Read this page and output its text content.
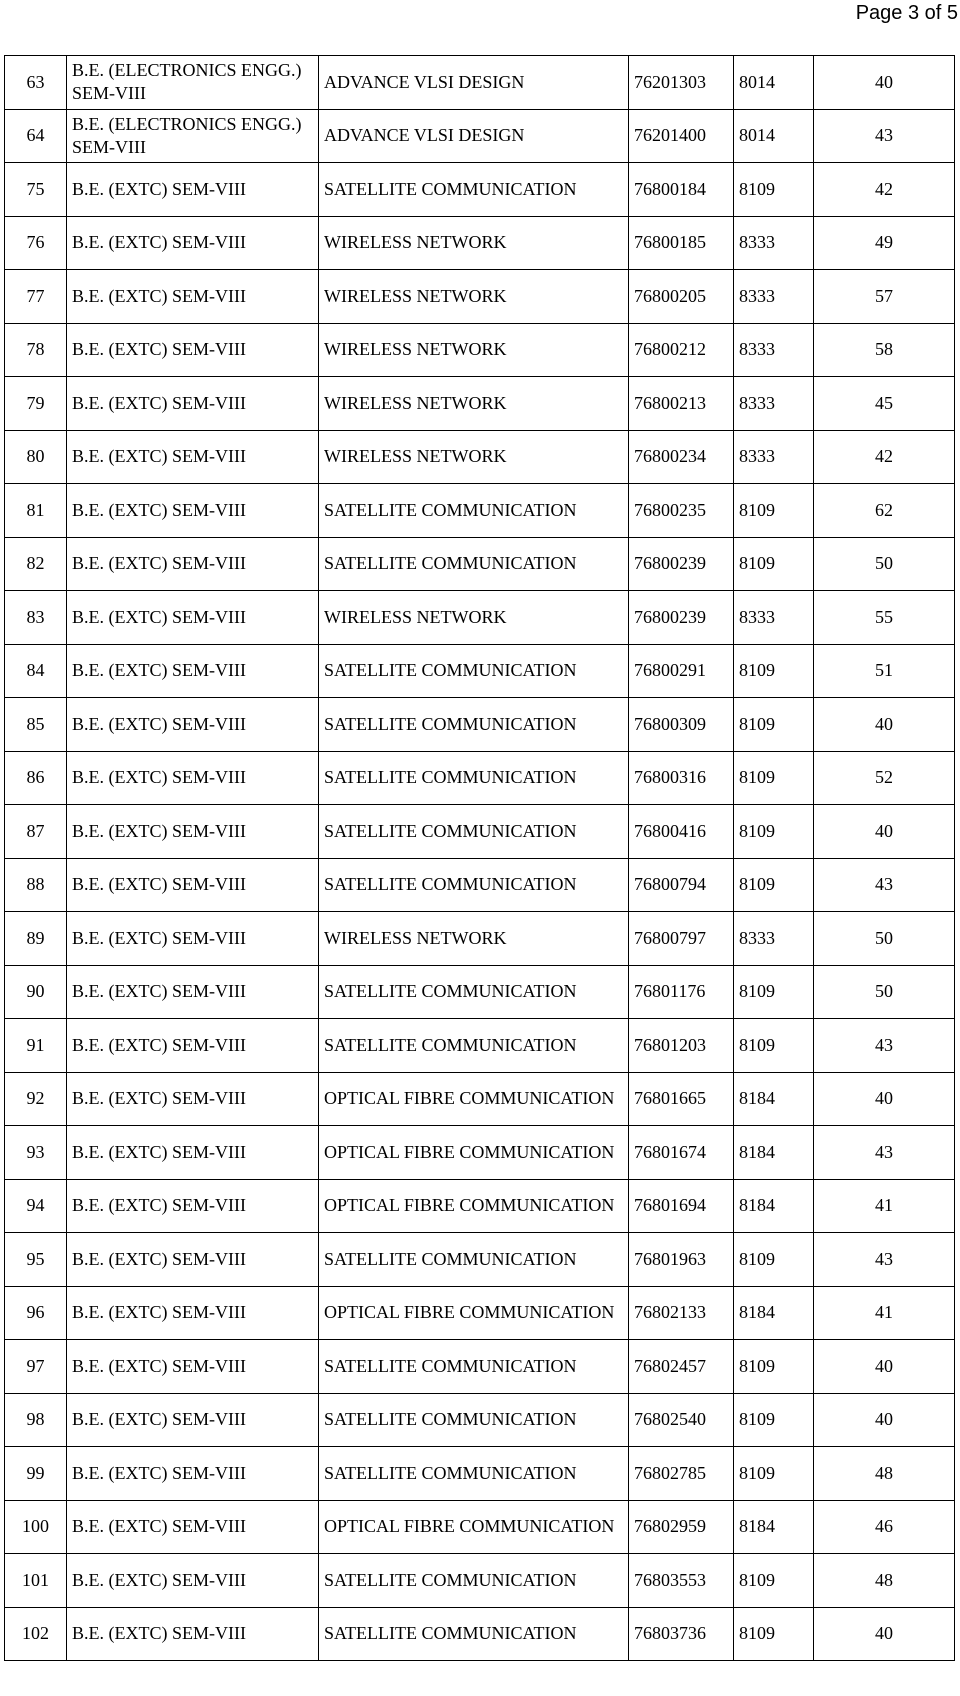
Page 3 of 5
63	B.E. (ELECTRONICS ENGG.) SEM-VIII	ADVANCE VLSI DESIGN	76201303	8014	40
64	B.E. (ELECTRONICS ENGG.) SEM-VIII	ADVANCE VLSI DESIGN	76201400	8014	43
75	B.E. (EXTC) SEM-VIII	SATELLITE COMMUNICATION	76800184	8109	42
76	B.E. (EXTC) SEM-VIII	WIRELESS NETWORK	76800185	8333	49
77	B.E. (EXTC) SEM-VIII	WIRELESS NETWORK	76800205	8333	57
78	B.E. (EXTC) SEM-VIII	WIRELESS NETWORK	76800212	8333	58
79	B.E. (EXTC) SEM-VIII	WIRELESS NETWORK	76800213	8333	45
80	B.E. (EXTC) SEM-VIII	WIRELESS NETWORK	76800234	8333	42
81	B.E. (EXTC) SEM-VIII	SATELLITE COMMUNICATION	76800235	8109	62
82	B.E. (EXTC) SEM-VIII	SATELLITE COMMUNICATION	76800239	8109	50
83	B.E. (EXTC) SEM-VIII	WIRELESS NETWORK	76800239	8333	55
84	B.E. (EXTC) SEM-VIII	SATELLITE COMMUNICATION	76800291	8109	51
85	B.E. (EXTC) SEM-VIII	SATELLITE COMMUNICATION	76800309	8109	40
86	B.E. (EXTC) SEM-VIII	SATELLITE COMMUNICATION	76800316	8109	52
87	B.E. (EXTC) SEM-VIII	SATELLITE COMMUNICATION	76800416	8109	40
88	B.E. (EXTC) SEM-VIII	SATELLITE COMMUNICATION	76800794	8109	43
89	B.E. (EXTC) SEM-VIII	WIRELESS NETWORK	76800797	8333	50
90	B.E. (EXTC) SEM-VIII	SATELLITE COMMUNICATION	76801176	8109	50
91	B.E. (EXTC) SEM-VIII	SATELLITE COMMUNICATION	76801203	8109	43
92	B.E. (EXTC) SEM-VIII	OPTICAL FIBRE COMMUNICATION	76801665	8184	40
93	B.E. (EXTC) SEM-VIII	OPTICAL FIBRE COMMUNICATION	76801674	8184	43
94	B.E. (EXTC) SEM-VIII	OPTICAL FIBRE COMMUNICATION	76801694	8184	41
95	B.E. (EXTC) SEM-VIII	SATELLITE COMMUNICATION	76801963	8109	43
96	B.E. (EXTC) SEM-VIII	OPTICAL FIBRE COMMUNICATION	76802133	8184	41
97	B.E. (EXTC) SEM-VIII	SATELLITE COMMUNICATION	76802457	8109	40
98	B.E. (EXTC) SEM-VIII	SATELLITE COMMUNICATION	76802540	8109	40
99	B.E. (EXTC) SEM-VIII	SATELLITE COMMUNICATION	76802785	8109	48
100	B.E. (EXTC) SEM-VIII	OPTICAL FIBRE COMMUNICATION	76802959	8184	46
101	B.E. (EXTC) SEM-VIII	SATELLITE COMMUNICATION	76803553	8109	48
102	B.E. (EXTC) SEM-VIII	SATELLITE COMMUNICATION	76803736	8109	40
